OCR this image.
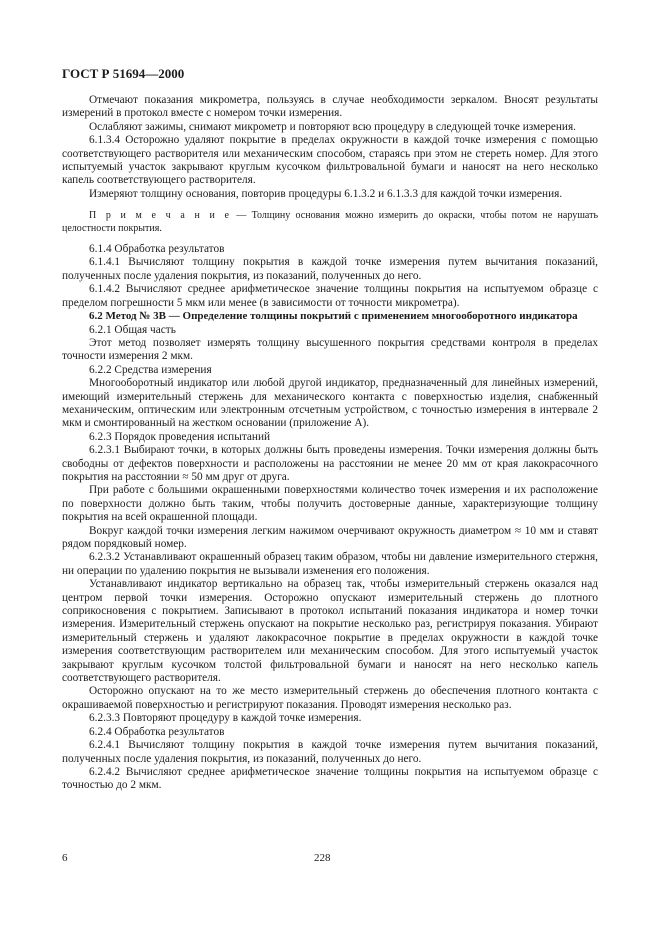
ГОСТ Р 51694—2000

Отмечают показания микрометра, пользуясь в случае необходимости зеркалом. Вносят результаты измерений в протокол вместе с номером точки измерения.

Ослабляют зажимы, снимают микрометр и повторяют всю процедуру в следующей точке измерения.

6.1.3.4 Осторожно удаляют покрытие в пределах окружности в каждой точке измерения с помощью соответствующего растворителя или механическим способом, стараясь при этом не стереть номер. Для этого испытуемый участок закрывают круглым кусочком фильтровальной бумаги и наносят на него несколько капель соответствующего растворителя.

Измеряют толщину основания, повторив процедуры 6.1.3.2 и 6.1.3.3 для каждой точки измерения.

П р и м е ч а н и е — Толщину основания можно измерить до окраски, чтобы потом не нарушать целостности покрытия.

6.1.4 Обработка результатов

6.1.4.1 Вычисляют толщину покрытия в каждой точке измерения путем вычитания показаний, полученных после удаления покрытия, из показаний, полученных до него.

6.1.4.2 Вычисляют среднее арифметическое значение толщины покрытия на испытуемом образце с пределом погрешности 5 мкм или менее (в зависимости от точности микрометра).

6.2 Метод № 3В — Определение толщины покрытий с применением многооборотного индикатора

6.2.1 Общая часть

Этот метод позволяет измерять толщину высушенного покрытия средствами контроля в пределах точности измерения 2 мкм.

6.2.2 Средства измерения

Многооборотный индикатор или любой другой индикатор, предназначенный для линейных измерений, имеющий измерительный стержень для механического контакта с поверхностью изделия, снабженный механическим, оптическим или электронным отсчетным устройством, с точностью измерения в интервале 2 мкм и смонтированный на жестком основании (приложение А).

6.2.3 Порядок проведения испытаний

6.2.3.1 Выбирают точки, в которых должны быть проведены измерения. Точки измерения должны быть свободны от дефектов поверхности и расположены на расстоянии не менее 20 мм от края лакокрасочного покрытия на расстоянии ≈ 50 мм друг от друга.

При работе с большими окрашенными поверхностями количество точек измерения и их расположение по поверхности должно быть таким, чтобы получить достоверные данные, характеризующие толщину покрытия на всей окрашенной площади.

Вокруг каждой точки измерения легким нажимом очерчивают окружность диаметром ≈ 10 мм и ставят рядом порядковый номер.

6.2.3.2 Устанавливают окрашенный образец таким образом, чтобы ни давление измерительного стержня, ни операции по удалению покрытия не вызывали изменения его положения.

Устанавливают индикатор вертикально на образец так, чтобы измерительный стержень оказался над центром первой точки измерения. Осторожно опускают измерительный стержень до плотного соприкосновения с покрытием. Записывают в протокол испытаний показания индикатора и номер точки измерения. Измерительный стержень опускают на покрытие несколько раз, регистрируя показания. Убирают измерительный стержень и удаляют лакокрасочное покрытие в пределах окружности в каждой точке измерения соответствующим растворителем или механическим способом. Для этого испытуемый участок закрывают круглым кусочком толстой фильтровальной бумаги и наносят на него несколько капель соответствующего растворителя.

Осторожно опускают на то же место измерительный стержень до обеспечения плотного контакта с окрашиваемой поверхностью и регистрируют показания. Проводят измерения несколько раз.

6.2.3.3 Повторяют процедуру в каждой точке измерения.

6.2.4 Обработка результатов

6.2.4.1 Вычисляют толщину покрытия в каждой точке измерения путем вычитания показаний, полученных после удаления покрытия, из показаний, полученных до него.

6.2.4.2 Вычисляют среднее арифметическое значение толщины покрытия на испытуемом образце с точностью до 2 мкм.

6	228
